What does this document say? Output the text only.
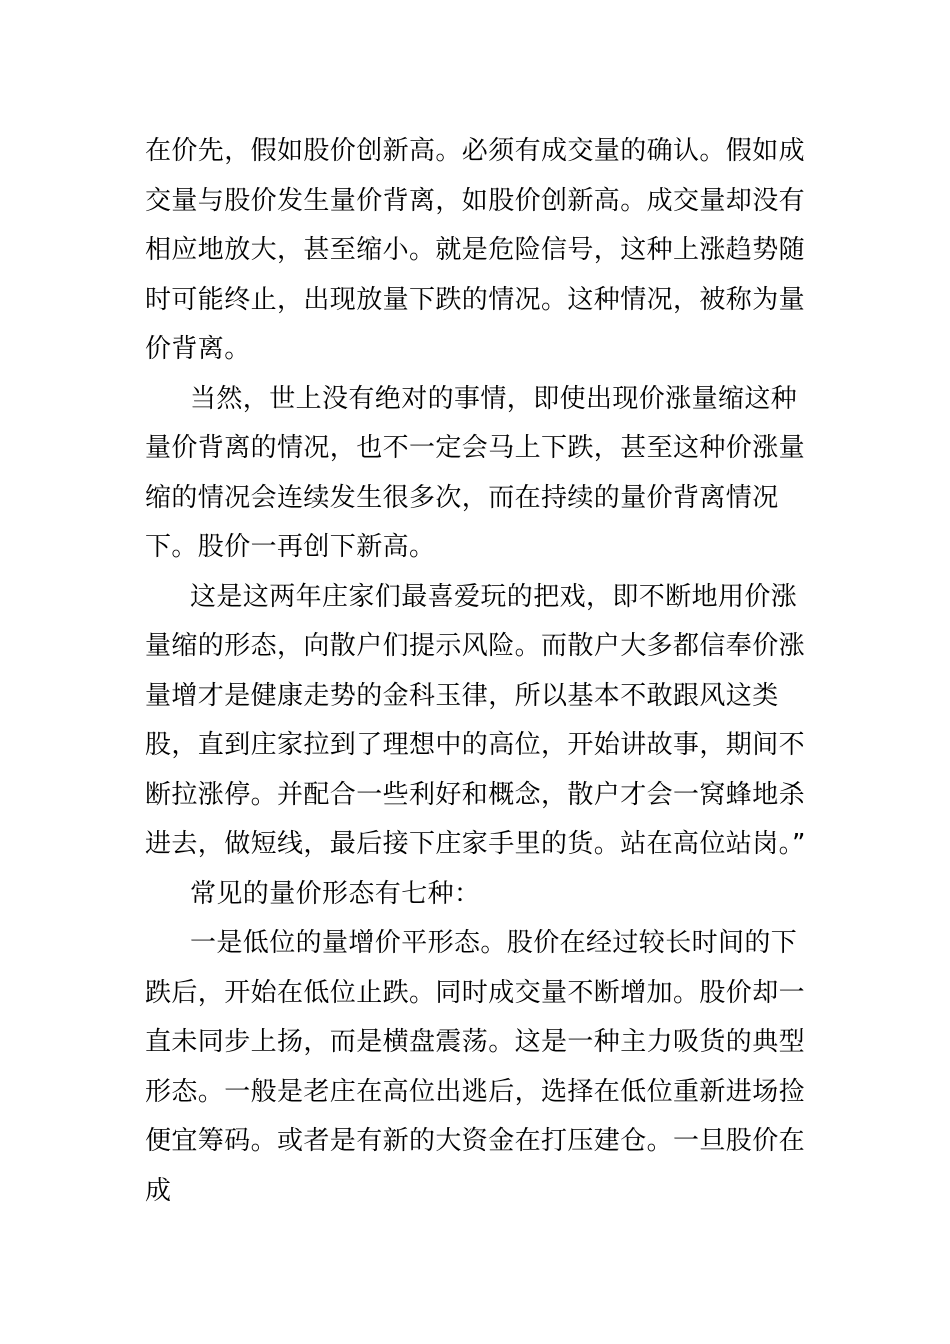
在价先，假如股价创新高。必须有成交量的确认。假如成交量与股价发生量价背离，如股价创新高。成交量却没有相应地放大，甚至缩小。就是危险信号，这种上涨趋势随时可能终止，出现放量下跌的情况。这种情况，被称为量价背离。

当然，世上没有绝对的事情，即使出现价涨量缩这种量价背离的情况，也不一定会马上下跌，甚至这种价涨量缩的情况会连续发生很多次，而在持续的量价背离情况下。股价一再创下新高。

这是这两年庄家们最喜爱玩的把戏，即不断地用价涨量缩的形态，向散户们提示风险。而散户大多都信奉价涨量增才是健康走势的金科玉律，所以基本不敢跟风这类股，直到庄家拉到了理想中的高位，开始讲故事，期间不断拉涨停。并配合一些利好和概念，散户才会一窝蜂地杀进去，做短线，最后接下庄家手里的货。站在高位站岗。”

常见的量价形态有七种：

一是低位的量增价平形态。股价在经过较长时间的下跌后，开始在低位止跌。同时成交量不断增加。股价却一直未同步上扬，而是横盘震荡。这是一种主力吸货的典型形态。一般是老庄在高位出逃后，选择在低位重新进场捡便宜筹码。或者是有新的大资金在打压建仓。一旦股价在成
